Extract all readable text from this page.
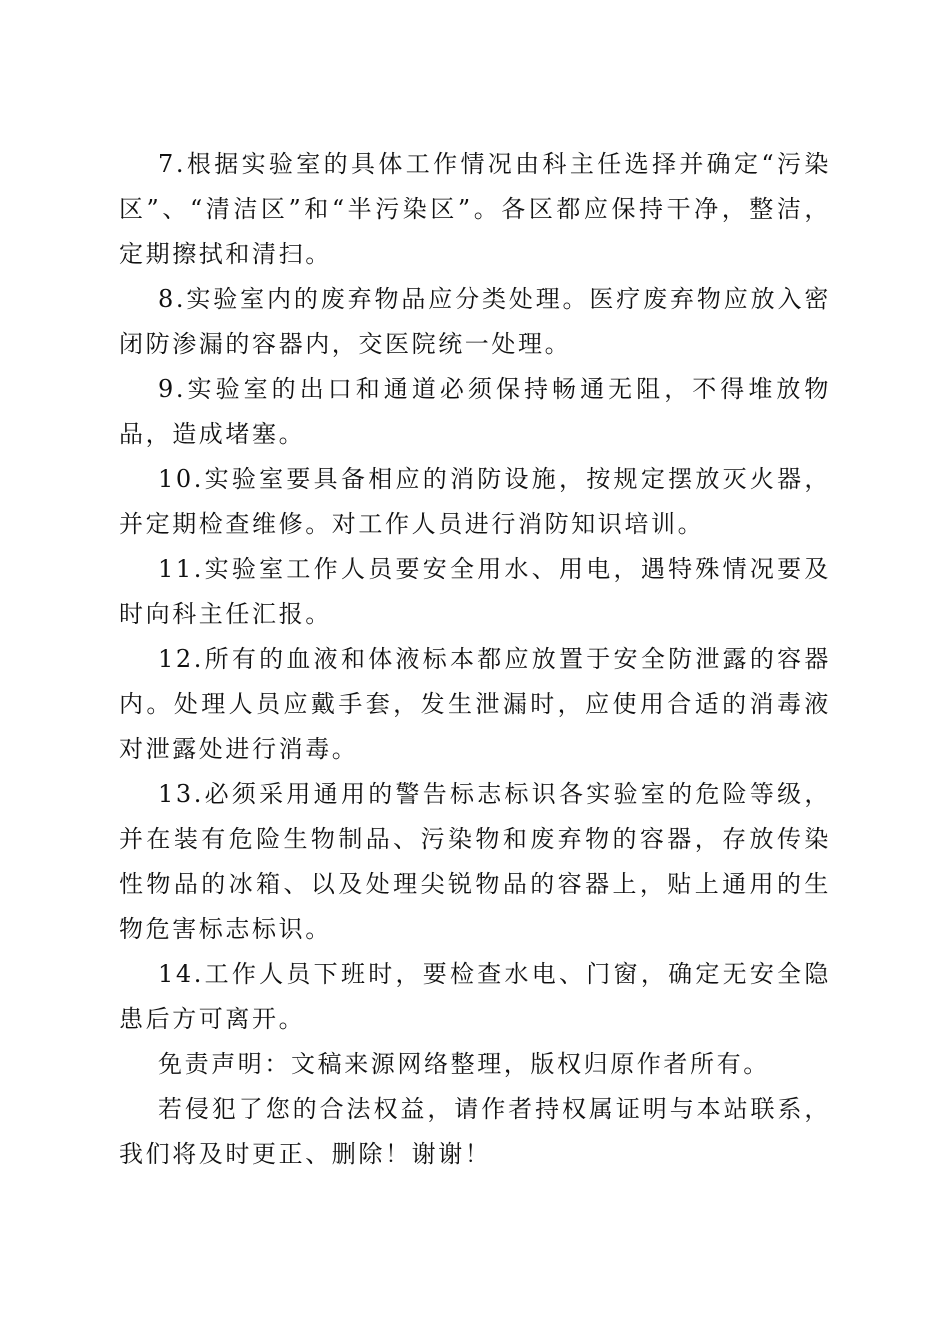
7.根据实验室的具体工作情况由科主任选择并确定“污染区”、“清洁区”和“半污染区”。各区都应保持干净，整洁，定期擦拭和清扫。

8.实验室内的废弃物品应分类处理。医疗废弃物应放入密闭防渗漏的容器内，交医院统一处理。

9.实验室的出口和通道必须保持畅通无阻，不得堆放物品，造成堵塞。

10.实验室要具备相应的消防设施，按规定摆放灭火器，并定期检查维修。对工作人员进行消防知识培训。

11.实验室工作人员要安全用水、用电，遇特殊情况要及时向科主任汇报。

12.所有的血液和体液标本都应放置于安全防泄露的容器内。处理人员应戴手套，发生泄漏时，应使用合适的消毒液对泄露处进行消毒。

13.必须采用通用的警告标志标识各实验室的危险等级，并在装有危险生物制品、污染物和废弃物的容器，存放传染性物品的冰箱、以及处理尖锐物品的容器上，贴上通用的生物危害标志标识。

14.工作人员下班时，要检查水电、门窗，确定无安全隐患后方可离开。

免责声明：文稿来源网络整理，版权归原作者所有。

若侵犯了您的合法权益，请作者持权属证明与本站联系，我们将及时更正、删除！谢谢！
